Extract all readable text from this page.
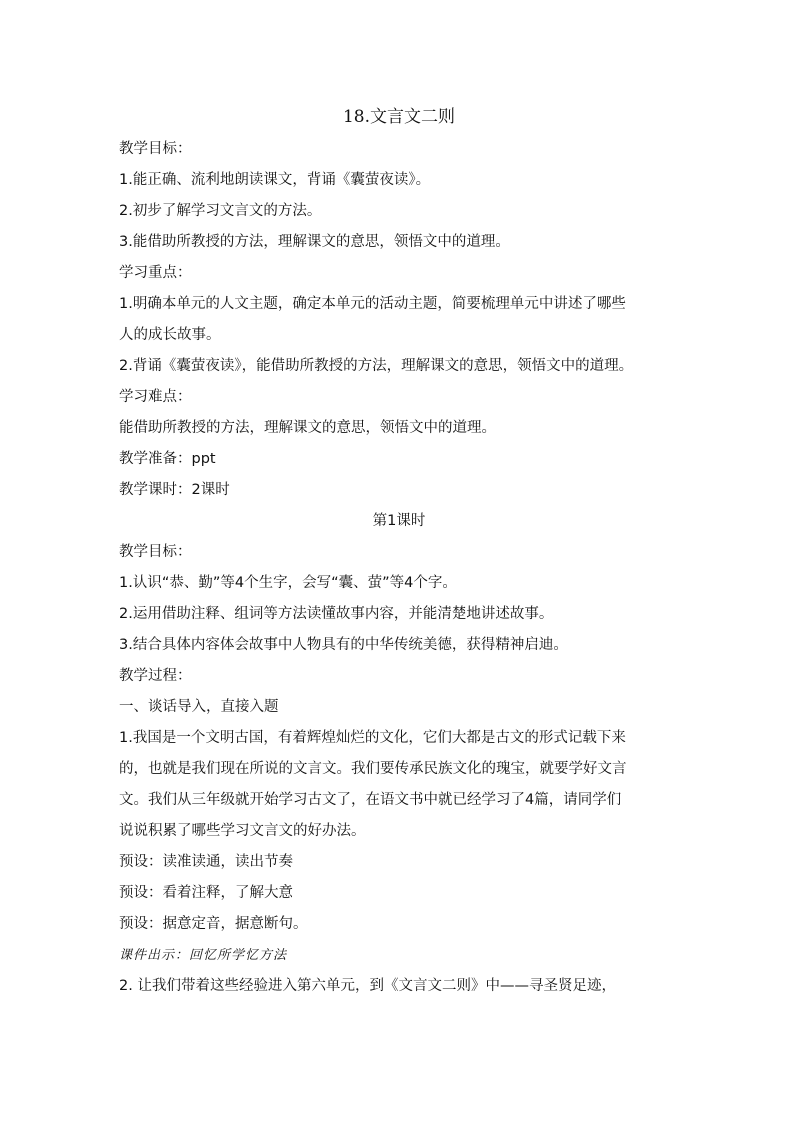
18.文言文二则
教学目标：
1.能正确、流利地朗读课文，背诵《囊萤夜读》。
2.初步了解学习文言文的方法。
3.能借助所教授的方法，理解课文的意思，领悟文中的道理。
学习重点：
1.明确本单元的人文主题，确定本单元的活动主题，简要梳理单元中讲述了哪些
人的成长故事。
2.背诵《囊萤夜读》，能借助所教授的方法，理解课文的意思，领悟文中的道理。
学习难点：
能借助所教授的方法，理解课文的意思，领悟文中的道理。
教学准备：ppt
教学课时：2课时
第1课时
教学目标：
1.认识“恭、勤”等4个生字，会写“囊、萤”等4个字。
2.运用借助注释、组词等方法读懂故事内容，并能清楚地讲述故事。
3.结合具体内容体会故事中人物具有的中华传统美德，获得精神启迪。
教学过程：
一、谈话导入，直接入题
1.我国是一个文明古国，有着辉煌灿烂的文化，它们大都是古文的形式记载下来
的，也就是我们现在所说的文言文。我们要传承民族文化的瑰宝，就要学好文言
文。我们从三年级就开始学习古文了，在语文书中就已经学习了4篇，请同学们
说说积累了哪些学习文言文的好办法。
预设：读准读通，读出节奏
预设：看着注释，了解大意
预设：据意定音，据意断句。
课件出示：回忆所学忆方法
2. 让我们带着这些经验进入第六单元，到《文言文二则》中——寻圣贤足迹，
